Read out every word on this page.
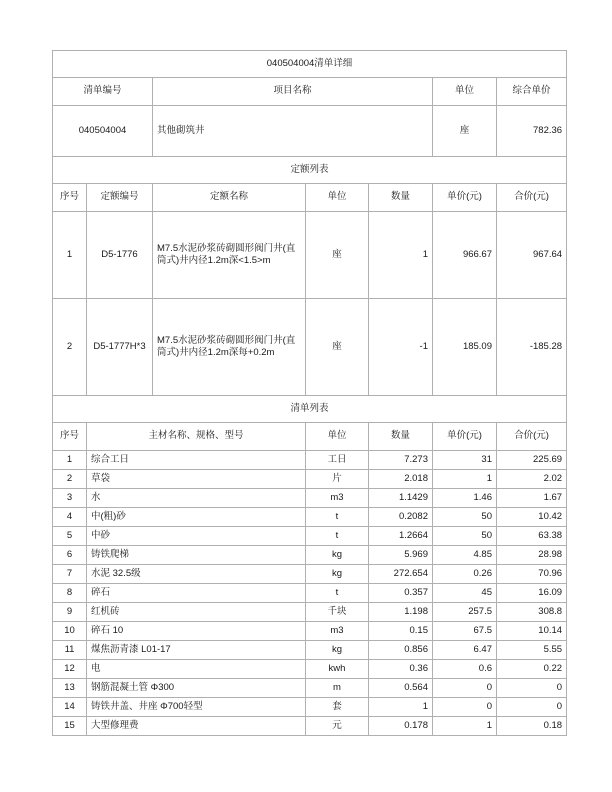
040504004清单详细						
清单编号		项目名称			单位	综合单价
040504004		其他砌筑井			座	782.36
定额列表						
序号	定额编号	定额名称	单位	数量	单价(元)	合价(元)
1	D5-1776	M7.5水泥砂浆砖砌圆形阀门井(直筒式)井内径1.2m深<1.5>m	座	1	966.67	967.64
2	D5-1777H*3	M7.5水泥砂浆砖砌圆形阀门井(直筒式)井内径1.2m深每+0.2m	座	-1	185.09	-185.28
清单列表						
序号	主材名称、规格、型号		单位	数量	单价(元)	合价(元)
1	综合工日		工日	7.273	31	225.69
2	草袋		片	2.018	1	2.02
3	水		m3	1.1429	1.46	1.67
4	中(粗)砂		t	0.2082	50	10.42
5	中砂		t	1.2664	50	63.38
6	铸铁爬梯		kg	5.969	4.85	28.98
7	水泥 32.5级		kg	272.654	0.26	70.96
8	碎石		t	0.357	45	16.09
9	红机砖		千块	1.198	257.5	308.8
10	碎石 10		m3	0.15	67.5	10.14
11	煤焦沥青漆 L01-17		kg	0.856	6.47	5.55
12	电		kwh	0.36	0.6	0.22
13	钢筋混凝土管 Φ300		m	0.564	0	0
14	铸铁井盖、井座 Φ700轻型		套	1	0	0
15	大型修理费		元	0.178	1	0.18
